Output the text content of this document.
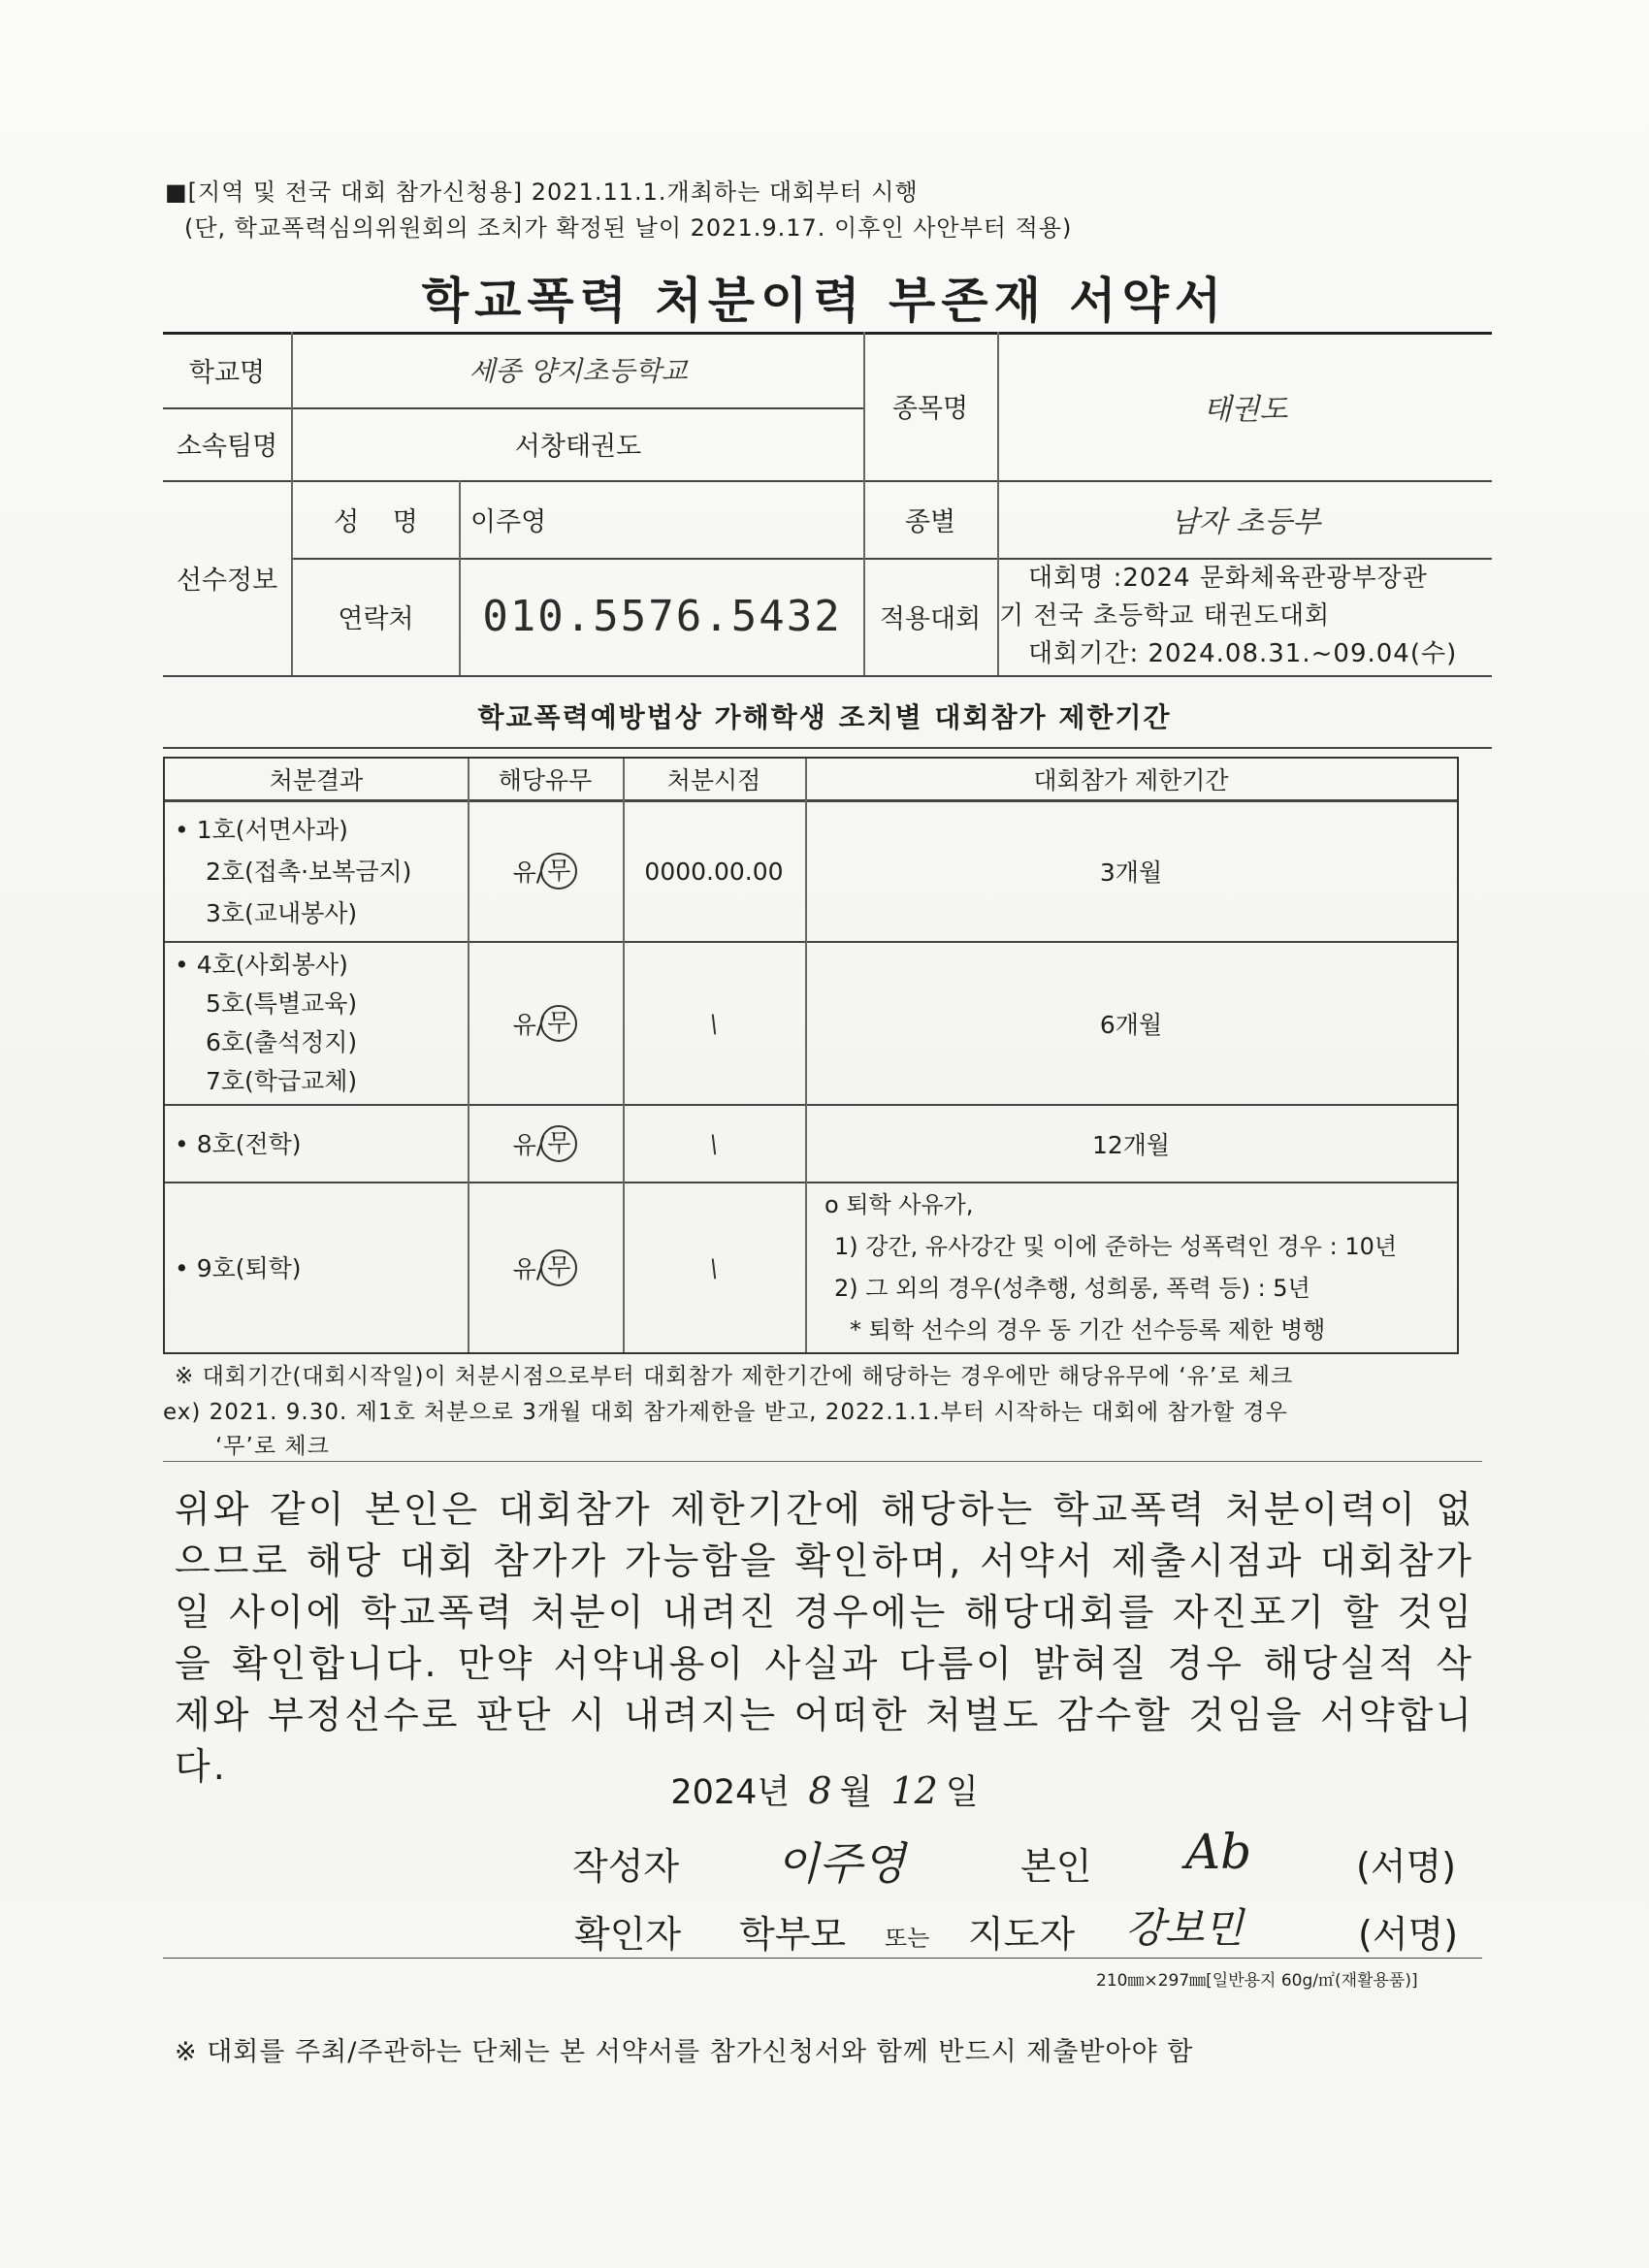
■[지역 및 전국 대회 참가신청용] 2021.11.1.개최하는 대회부터 시행
(단, 학교폭력심의위원회의 조치가 확정된 날이 2021.9.17. 이후인 사안부터 적용)
학교폭력 처분이력 부존재 서약서
학교명	세종 양지초등학교
소속팀명	서창태권도
종목명	태권도
선수정보
성 명	이주영	종별	남자 초등부
연락처	010.5576.5432	적용대회
대회명 :2024 문화체육관광부장관
기 전국 초등학교 태권도대회
대회기간: 2024.08.31.~09.04(수)
학교폭력예방법상 가해학생 조치별 대회참가 제한기간
처분결과	해당유무	처분시점	대회참가 제한기간
• 1호(서면사과)
2호(접촉·보복금지)
3호(교내봉사)
유/ 무	0000.00.00	3개월
• 4호(사회봉사)
5호(특별교육)
6호(출석정지)
7호(학급교체)
유/ 무	\	6개월
• 8호(전학)	유/ 무	\	12개월
• 9호(퇴학)	유/ 무	\
o 퇴학 사유가,
1) 강간, 유사강간 및 이에 준하는 성폭력인 경우 : 10년
2) 그 외의 경우(성추행, 성희롱, 폭력 등) : 5년
* 퇴학 선수의 경우 동 기간 선수등록 제한 병행
※ 대회기간(대회시작일)이 처분시점으로부터 대회참가 제한기간에 해당하는 경우에만 해당유무에 ‘유’로 체크
ex) 2021. 9.30. 제1호 처분으로 3개월 대회 참가제한을 받고, 2022.1.1.부터 시작하는 대회에 참가할 경우
‘무’로 체크
위와 같이 본인은 대회참가 제한기간에 해당하는 학교폭력 처분이력이 없으므로 해당 대회 참가가 가능함을 확인하며, 서약서 제출시점과 대회참가일 사이에 학교폭력 처분이 내려진 경우에는 해당대회를 자진포기 할 것임을 확인합니다. 만약 서약내용이 사실과 다름이 밝혀질 경우 해당실적 삭제와 부정선수로 판단 시 내려지는 어떠한 처벌도 감수할 것임을 서약합니다.
2024년 8 월 12 일
작성자 이주영	본인 Ab	(서명)
확인자 학부모 또는 지도자 강보민	(서명)
210㎜×297㎜[일반용지 60g/㎡(재활용품)]
※ 대회를 주최/주관하는 단체는 본 서약서를 참가신청서와 함께 반드시 제출받아야 함
